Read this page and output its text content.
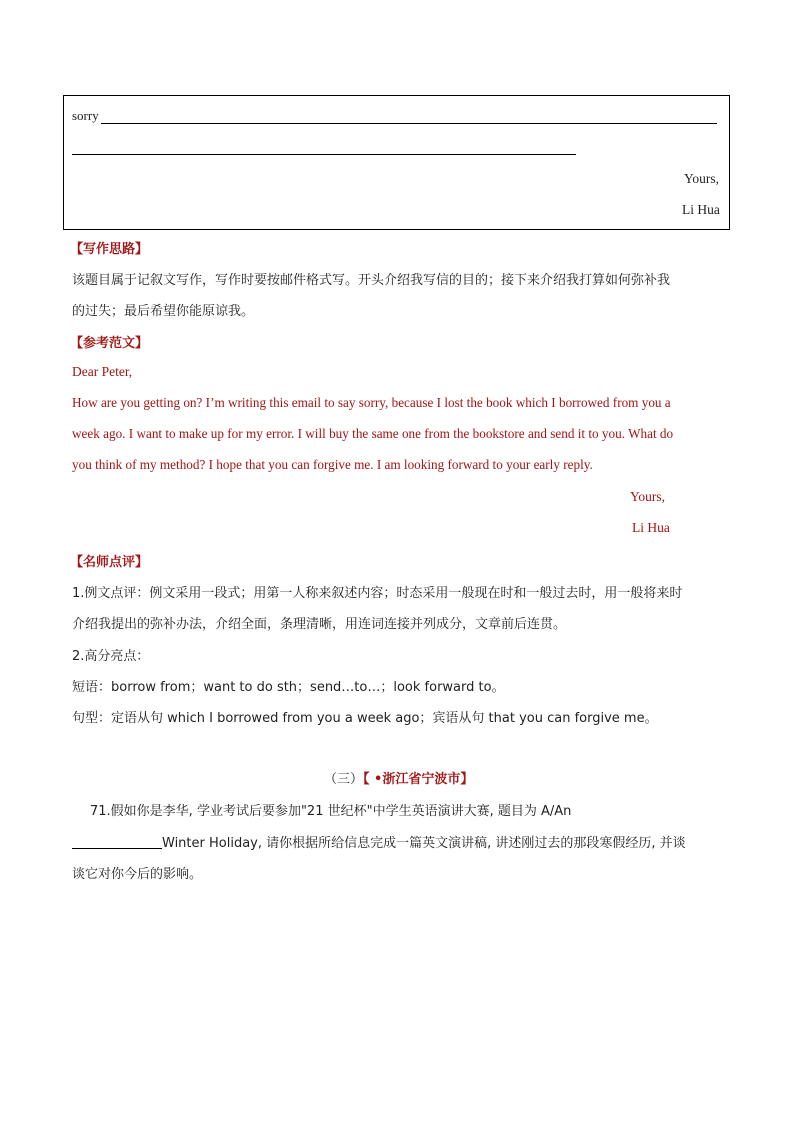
sorry
Yours,
Li Hua
【写作思路】
该题目属于记叙文写作，写作时要按邮件格式写。开头介绍我写信的目的；接下来介绍我打算如何弥补我
的过失；最后希望你能原谅我。
【参考范文】
Dear Peter,
How are you getting on? I’m writing this email to say sorry, because I lost the book which I borrowed from you a
week ago. I want to make up for my error. I will buy the same one from the bookstore and send it to you. What do
you think of my method? I hope that you can forgive me. I am looking forward to your early reply.
Yours,
Li Hua
【名师点评】
1.例文点评：例文采用一段式；用第一人称来叙述内容；时态采用一般现在时和一般过去时，用一般将来时
介绍我提出的弥补办法，介绍全面，条理清晰，用连词连接并列成分，文章前后连贯。
2.高分亮点：
短语：borrow from；want to do sth；send…to…；look forward to。
句型：定语从句 which I borrowed from you a week ago；宾语从句 that you can forgive me。
（三）【 •浙江省宁波市】
71.假如你是李华, 学业考试后要参加"21 世纪杯"中学生英语演讲大赛, 题目为 A/An
Winter Holiday, 请你根据所给信息完成一篇英文演讲稿, 讲述刚过去的那段寒假经历, 并谈
谈它对你今后的影响。
